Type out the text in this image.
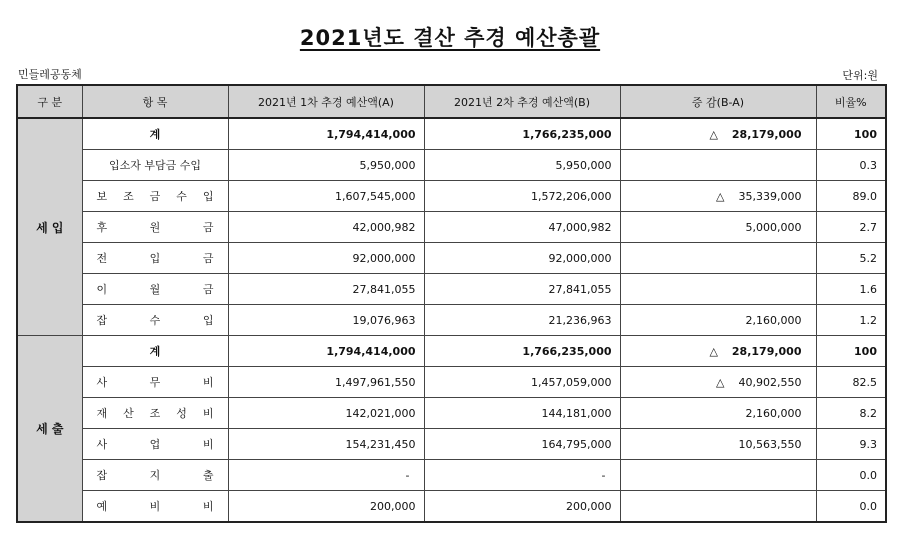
2021년도 결산 추경 예산총괄
민들레공동체	단위:원
구 분	항 목	2021년 1차 추경 예산액(A)	2021년 2차 추경 예산액(B)	증 감(B-A)	비율%
세 입	계	1,794,414,000	1,766,235,000	△ 28,179,000	100
	입소자 부담금 수입	5,950,000	5,950,000		0.3

	보 조 금 수 입	1,607,545,000	1,572,206,000	△ 35,339,000	89.0

	후 원 금	42,000,982	47,000,982	5,000,000	2.7

	전 입 금	92,000,000	92,000,000		5.2

	이 월 금	27,841,055	27,841,055		1.6

	잡 수 입	19,076,963	21,236,963	2,160,000	1.2
세 출	계	1,794,414,000	1,766,235,000	△ 28,179,000	100

	사 무 비	1,497,961,550	1,457,059,000	△ 40,902,550	82.5

	재 산 조 성 비	142,021,000	144,181,000	2,160,000	8.2

	사 업 비	154,231,450	164,795,000	10,563,550	9.3

	잡 지 출	-	-		0.0

	예 비 비	200,000	200,000		0.0
